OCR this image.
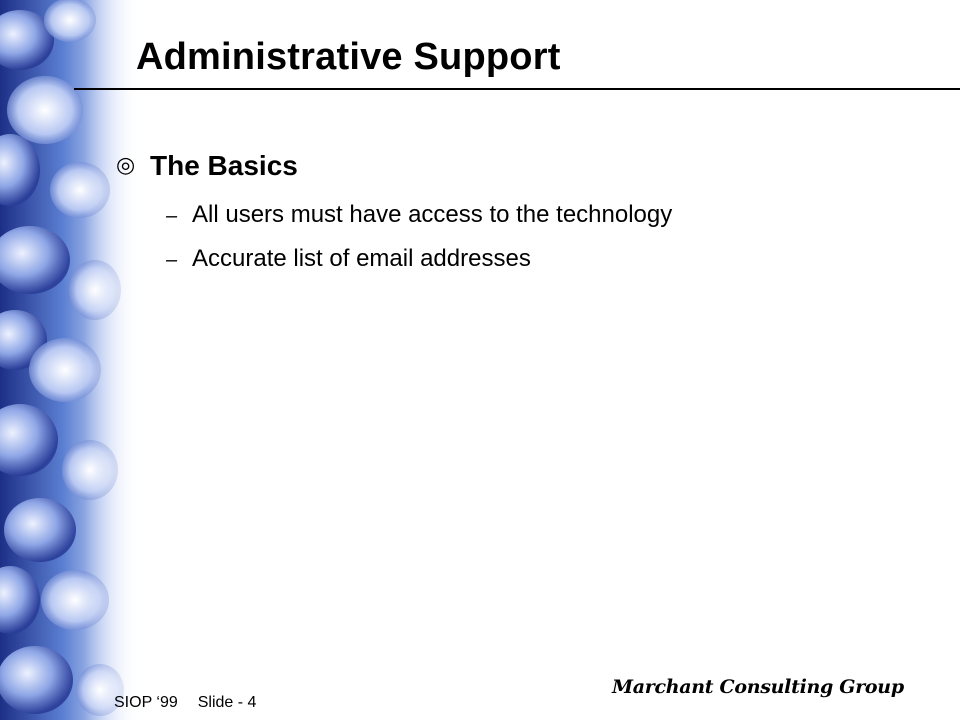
Administrative Support
◎ The Basics
– All users must have access to the technology
– Accurate list of email addresses
SIOP ‘99 Slide - 4
Marchant Consulting Group
